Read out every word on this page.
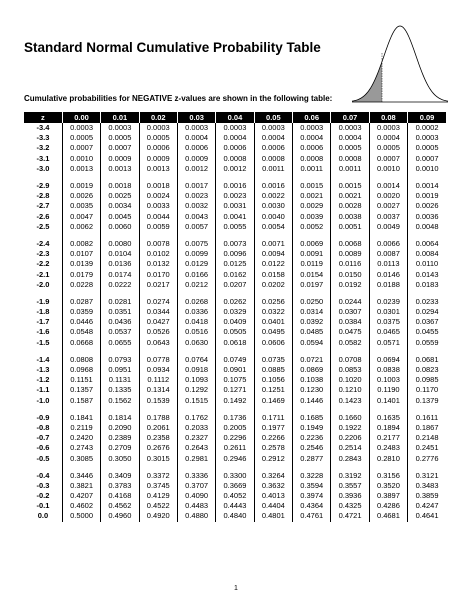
Standard Normal Cumulative Probability Table
Cumulative probabilities for NEGATIVE z-values are shown in the following table:
z	0.00	0.01	0.02	0.03	0.04	0.05	0.06	0.07	0.08	0.09
-3.4	0.0003	0.0003	0.0003	0.0003	0.0003	0.0003	0.0003	0.0003	0.0003	0.0002
-3.3	0.0005	0.0005	0.0005	0.0004	0.0004	0.0004	0.0004	0.0004	0.0004	0.0003
-3.2	0.0007	0.0007	0.0006	0.0006	0.0006	0.0006	0.0006	0.0005	0.0005	0.0005
-3.1	0.0010	0.0009	0.0009	0.0009	0.0008	0.0008	0.0008	0.0008	0.0007	0.0007
-3.0	0.0013	0.0013	0.0013	0.0012	0.0012	0.0011	0.0011	0.0011	0.0010	0.0010

-2.9	0.0019	0.0018	0.0018	0.0017	0.0016	0.0016	0.0015	0.0015	0.0014	0.0014
-2.8	0.0026	0.0025	0.0024	0.0023	0.0023	0.0022	0.0021	0.0021	0.0020	0.0019
-2.7	0.0035	0.0034	0.0033	0.0032	0.0031	0.0030	0.0029	0.0028	0.0027	0.0026
-2.6	0.0047	0.0045	0.0044	0.0043	0.0041	0.0040	0.0039	0.0038	0.0037	0.0036
-2.5	0.0062	0.0060	0.0059	0.0057	0.0055	0.0054	0.0052	0.0051	0.0049	0.0048

-2.4	0.0082	0.0080	0.0078	0.0075	0.0073	0.0071	0.0069	0.0068	0.0066	0.0064
-2.3	0.0107	0.0104	0.0102	0.0099	0.0096	0.0094	0.0091	0.0089	0.0087	0.0084
-2.2	0.0139	0.0136	0.0132	0.0129	0.0125	0.0122	0.0119	0.0116	0.0113	0.0110
-2.1	0.0179	0.0174	0.0170	0.0166	0.0162	0.0158	0.0154	0.0150	0.0146	0.0143
-2.0	0.0228	0.0222	0.0217	0.0212	0.0207	0.0202	0.0197	0.0192	0.0188	0.0183

-1.9	0.0287	0.0281	0.0274	0.0268	0.0262	0.0256	0.0250	0.0244	0.0239	0.0233
-1.8	0.0359	0.0351	0.0344	0.0336	0.0329	0.0322	0.0314	0.0307	0.0301	0.0294
-1.7	0.0446	0.0436	0.0427	0.0418	0.0409	0.0401	0.0392	0.0384	0.0375	0.0367
-1.6	0.0548	0.0537	0.0526	0.0516	0.0505	0.0495	0.0485	0.0475	0.0465	0.0455
-1.5	0.0668	0.0655	0.0643	0.0630	0.0618	0.0606	0.0594	0.0582	0.0571	0.0559

-1.4	0.0808	0.0793	0.0778	0.0764	0.0749	0.0735	0.0721	0.0708	0.0694	0.0681
-1.3	0.0968	0.0951	0.0934	0.0918	0.0901	0.0885	0.0869	0.0853	0.0838	0.0823
-1.2	0.1151	0.1131	0.1112	0.1093	0.1075	0.1056	0.1038	0.1020	0.1003	0.0985
-1.1	0.1357	0.1335	0.1314	0.1292	0.1271	0.1251	0.1230	0.1210	0.1190	0.1170
-1.0	0.1587	0.1562	0.1539	0.1515	0.1492	0.1469	0.1446	0.1423	0.1401	0.1379

-0.9	0.1841	0.1814	0.1788	0.1762	0.1736	0.1711	0.1685	0.1660	0.1635	0.1611
-0.8	0.2119	0.2090	0.2061	0.2033	0.2005	0.1977	0.1949	0.1922	0.1894	0.1867
-0.7	0.2420	0.2389	0.2358	0.2327	0.2296	0.2266	0.2236	0.2206	0.2177	0.2148
-0.6	0.2743	0.2709	0.2676	0.2643	0.2611	0.2578	0.2546	0.2514	0.2483	0.2451
-0.5	0.3085	0.3050	0.3015	0.2981	0.2946	0.2912	0.2877	0.2843	0.2810	0.2776

-0.4	0.3446	0.3409	0.3372	0.3336	0.3300	0.3264	0.3228	0.3192	0.3156	0.3121
-0.3	0.3821	0.3783	0.3745	0.3707	0.3669	0.3632	0.3594	0.3557	0.3520	0.3483
-0.2	0.4207	0.4168	0.4129	0.4090	0.4052	0.4013	0.3974	0.3936	0.3897	0.3859
-0.1	0.4602	0.4562	0.4522	0.4483	0.4443	0.4404	0.4364	0.4325	0.4286	0.4247
0.0	0.5000	0.4960	0.4920	0.4880	0.4840	0.4801	0.4761	0.4721	0.4681	0.4641
1
